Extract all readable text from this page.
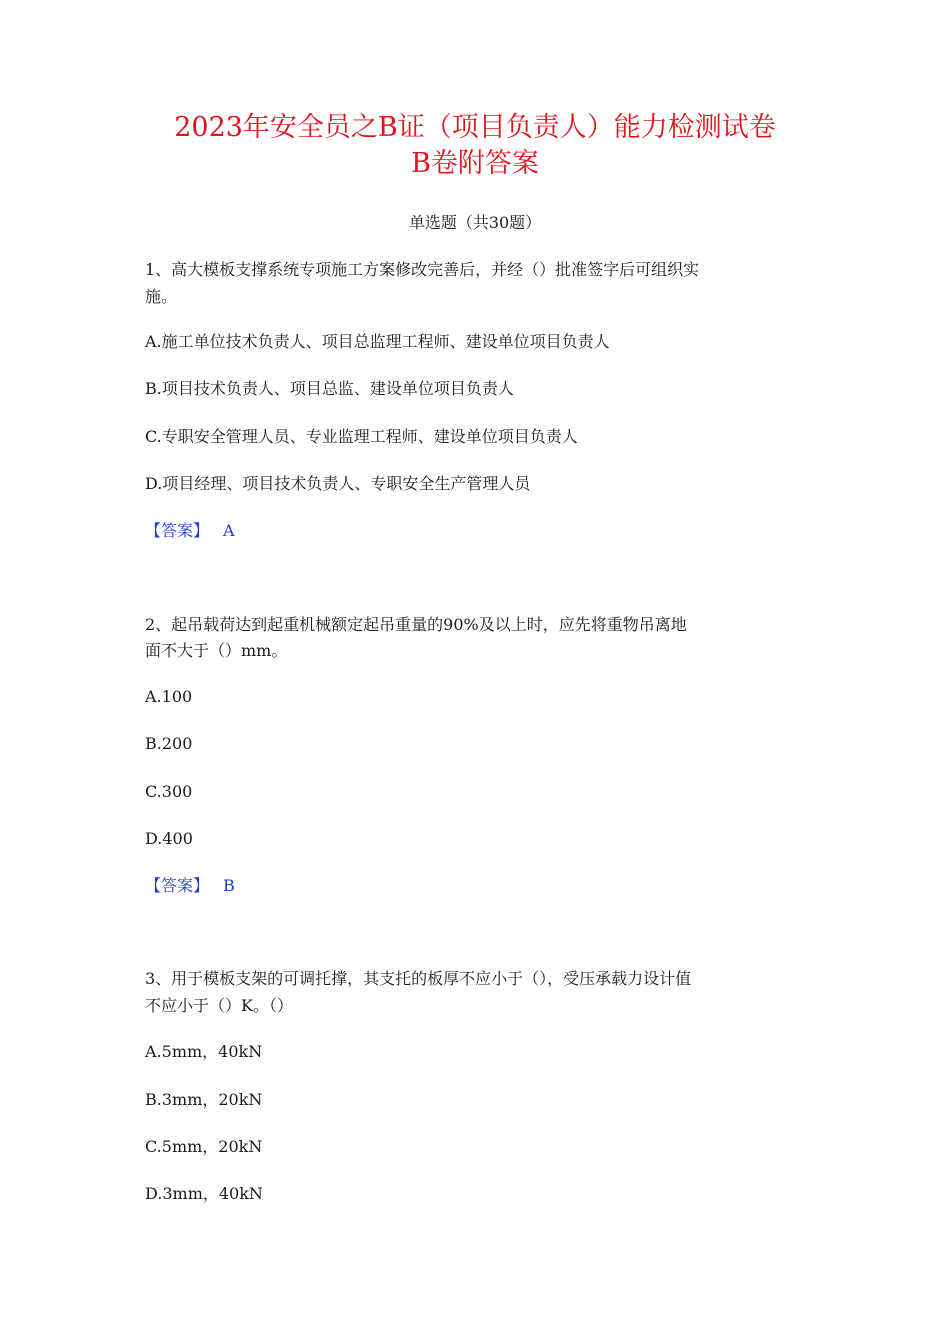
2023年安全员之B证（项目负责人）能力检测试卷
B卷附答案
单选题（共30题）
1、高大模板支撑系统专项施工方案修改完善后，并经（）批准签字后可组织实
施。
A.施工单位技术负责人、项目总监理工程师、建设单位项目负责人
B.项目技术负责人、项目总监、建设单位项目负责人
C.专职安全管理人员、专业监理工程师、建设单位项目负责人
D.项目经理、项目技术负责人、专职安全生产管理人员
【答案】 A
2、起吊载荷达到起重机械额定起吊重量的90%及以上时，应先将重物吊离地
面不大于（）mm。
A.100
B.200
C.300
D.400
【答案】 B
3、用于模板支架的可调托撑，其支托的板厚不应小于（），受压承载力设计值
不应小于（）K。（）
A.5mm，40kN
B.3mm，20kN
C.5mm，20kN
D.3mm，40kN
